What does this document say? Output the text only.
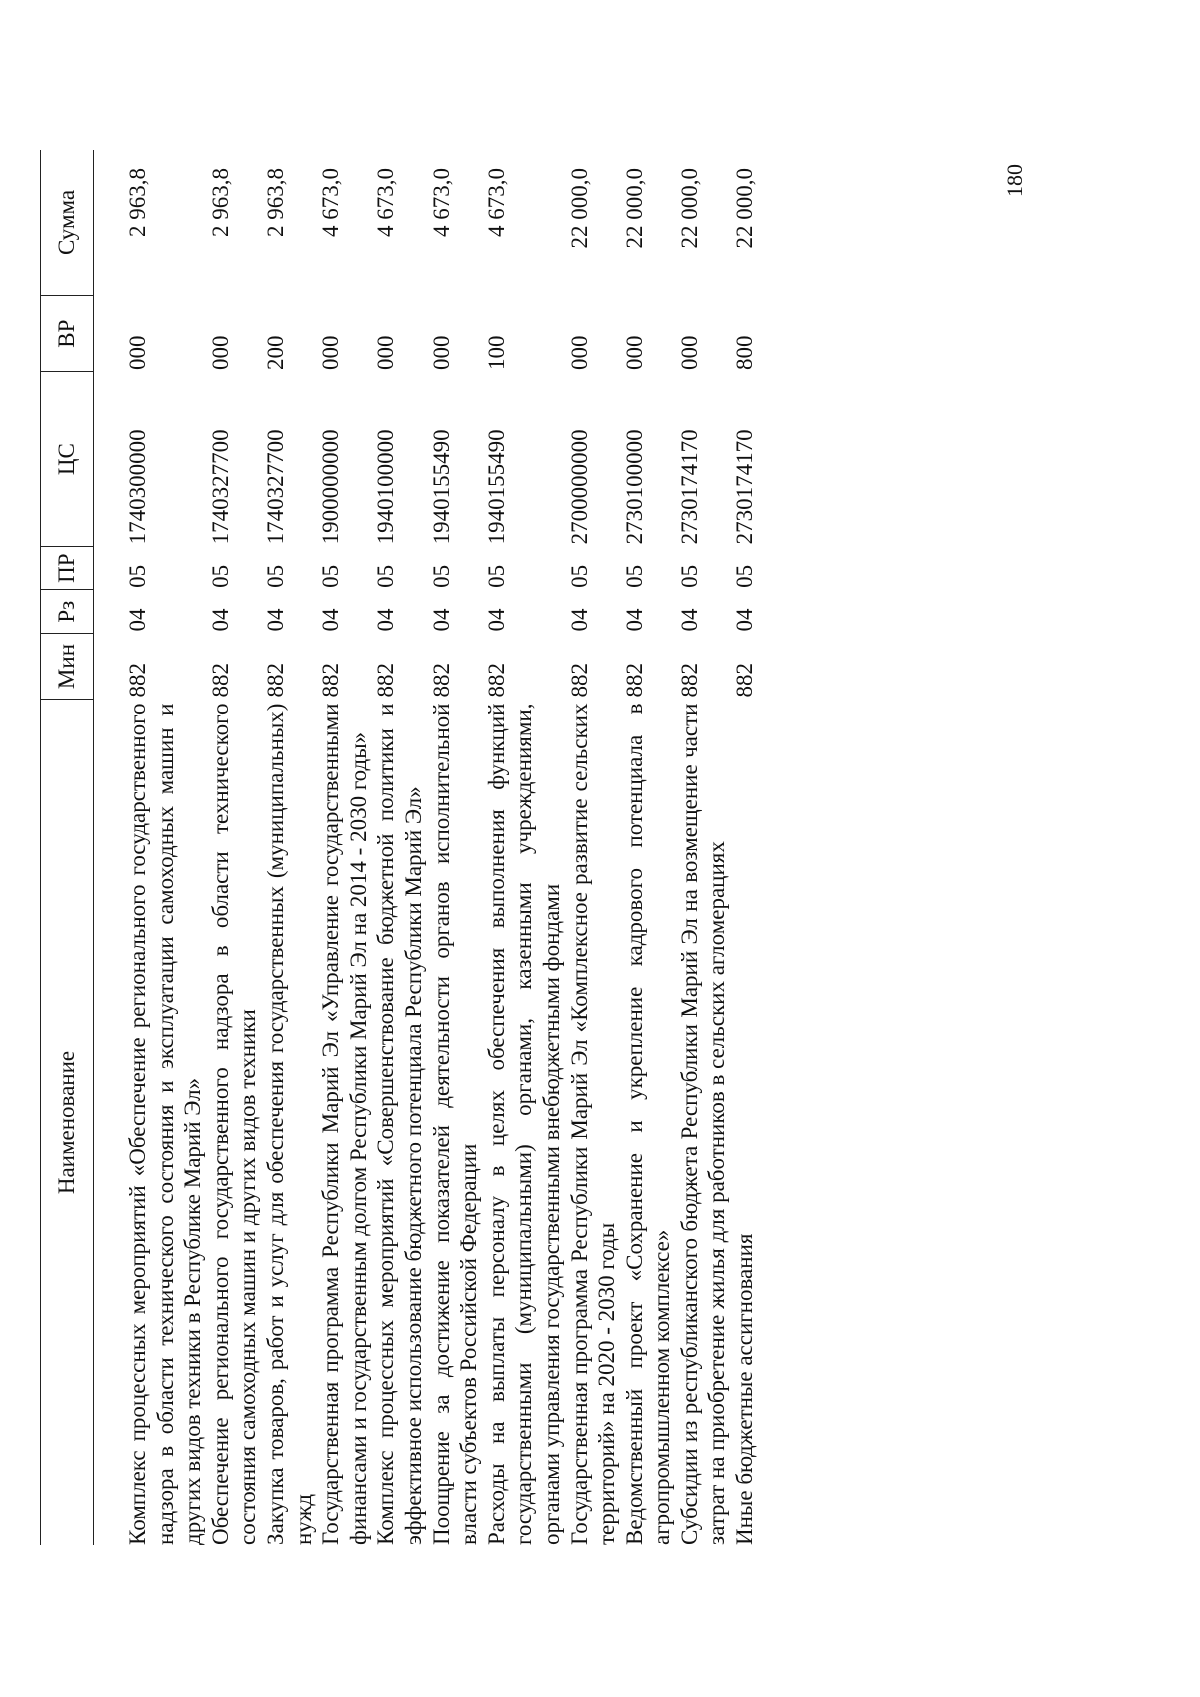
180
Наименование	Мин	Рз	ПР	ЦС	ВР	Сумма
Комплекс процессных мероприятий «Обеспечение регионального государственного надзора в области технического состояния и эксплуатации самоходных машин и других видов техники в Республике Марий Эл»	882	04	05	1740300000	000	2 963,8
Обеспечение регионального государственного надзора в области технического состояния самоходных машин и других видов техники	882	04	05	1740327700	000	2 963,8
Закупка товаров, работ и услуг для обеспечения государственных (муниципальных) нужд	882	04	05	1740327700	200	2 963,8
Государственная программа Республики Марий Эл «Управление государственными финансами и государственным долгом Республики Марий Эл на 2014 - 2030 годы»	882	04	05	1900000000	000	4 673,0
Комплекс процессных мероприятий «Совершенствование бюджетной политики и эффективное использование бюджетного потенциала Республики Марий Эл»	882	04	05	1940100000	000	4 673,0
Поощрение за достижение показателей деятельности органов исполнительной власти субъектов Российской Федерации	882	04	05	1940155490	000	4 673,0
Расходы на выплаты персоналу в целях обеспечения выполнения функций государственными (муниципальными) органами, казенными учреждениями, органами управления государственными внебюджетными фондами	882	04	05	1940155490	100	4 673,0
Государственная программа Республики Марий Эл «Комплексное развитие сельских территорий» на 2020 - 2030 годы	882	04	05	2700000000	000	22 000,0
Ведомственный проект «Сохранение и укрепление кадрового потенциала в агропромышленном комплексе»	882	04	05	2730100000	000	22 000,0
Субсидии из республиканского бюджета Республики Марий Эл на возмещение части затрат на приобретение жилья для работников в сельских агломерациях	882	04	05	2730174170	000	22 000,0
Иные бюджетные ассигнования	882	04	05	2730174170	800	22 000,0
